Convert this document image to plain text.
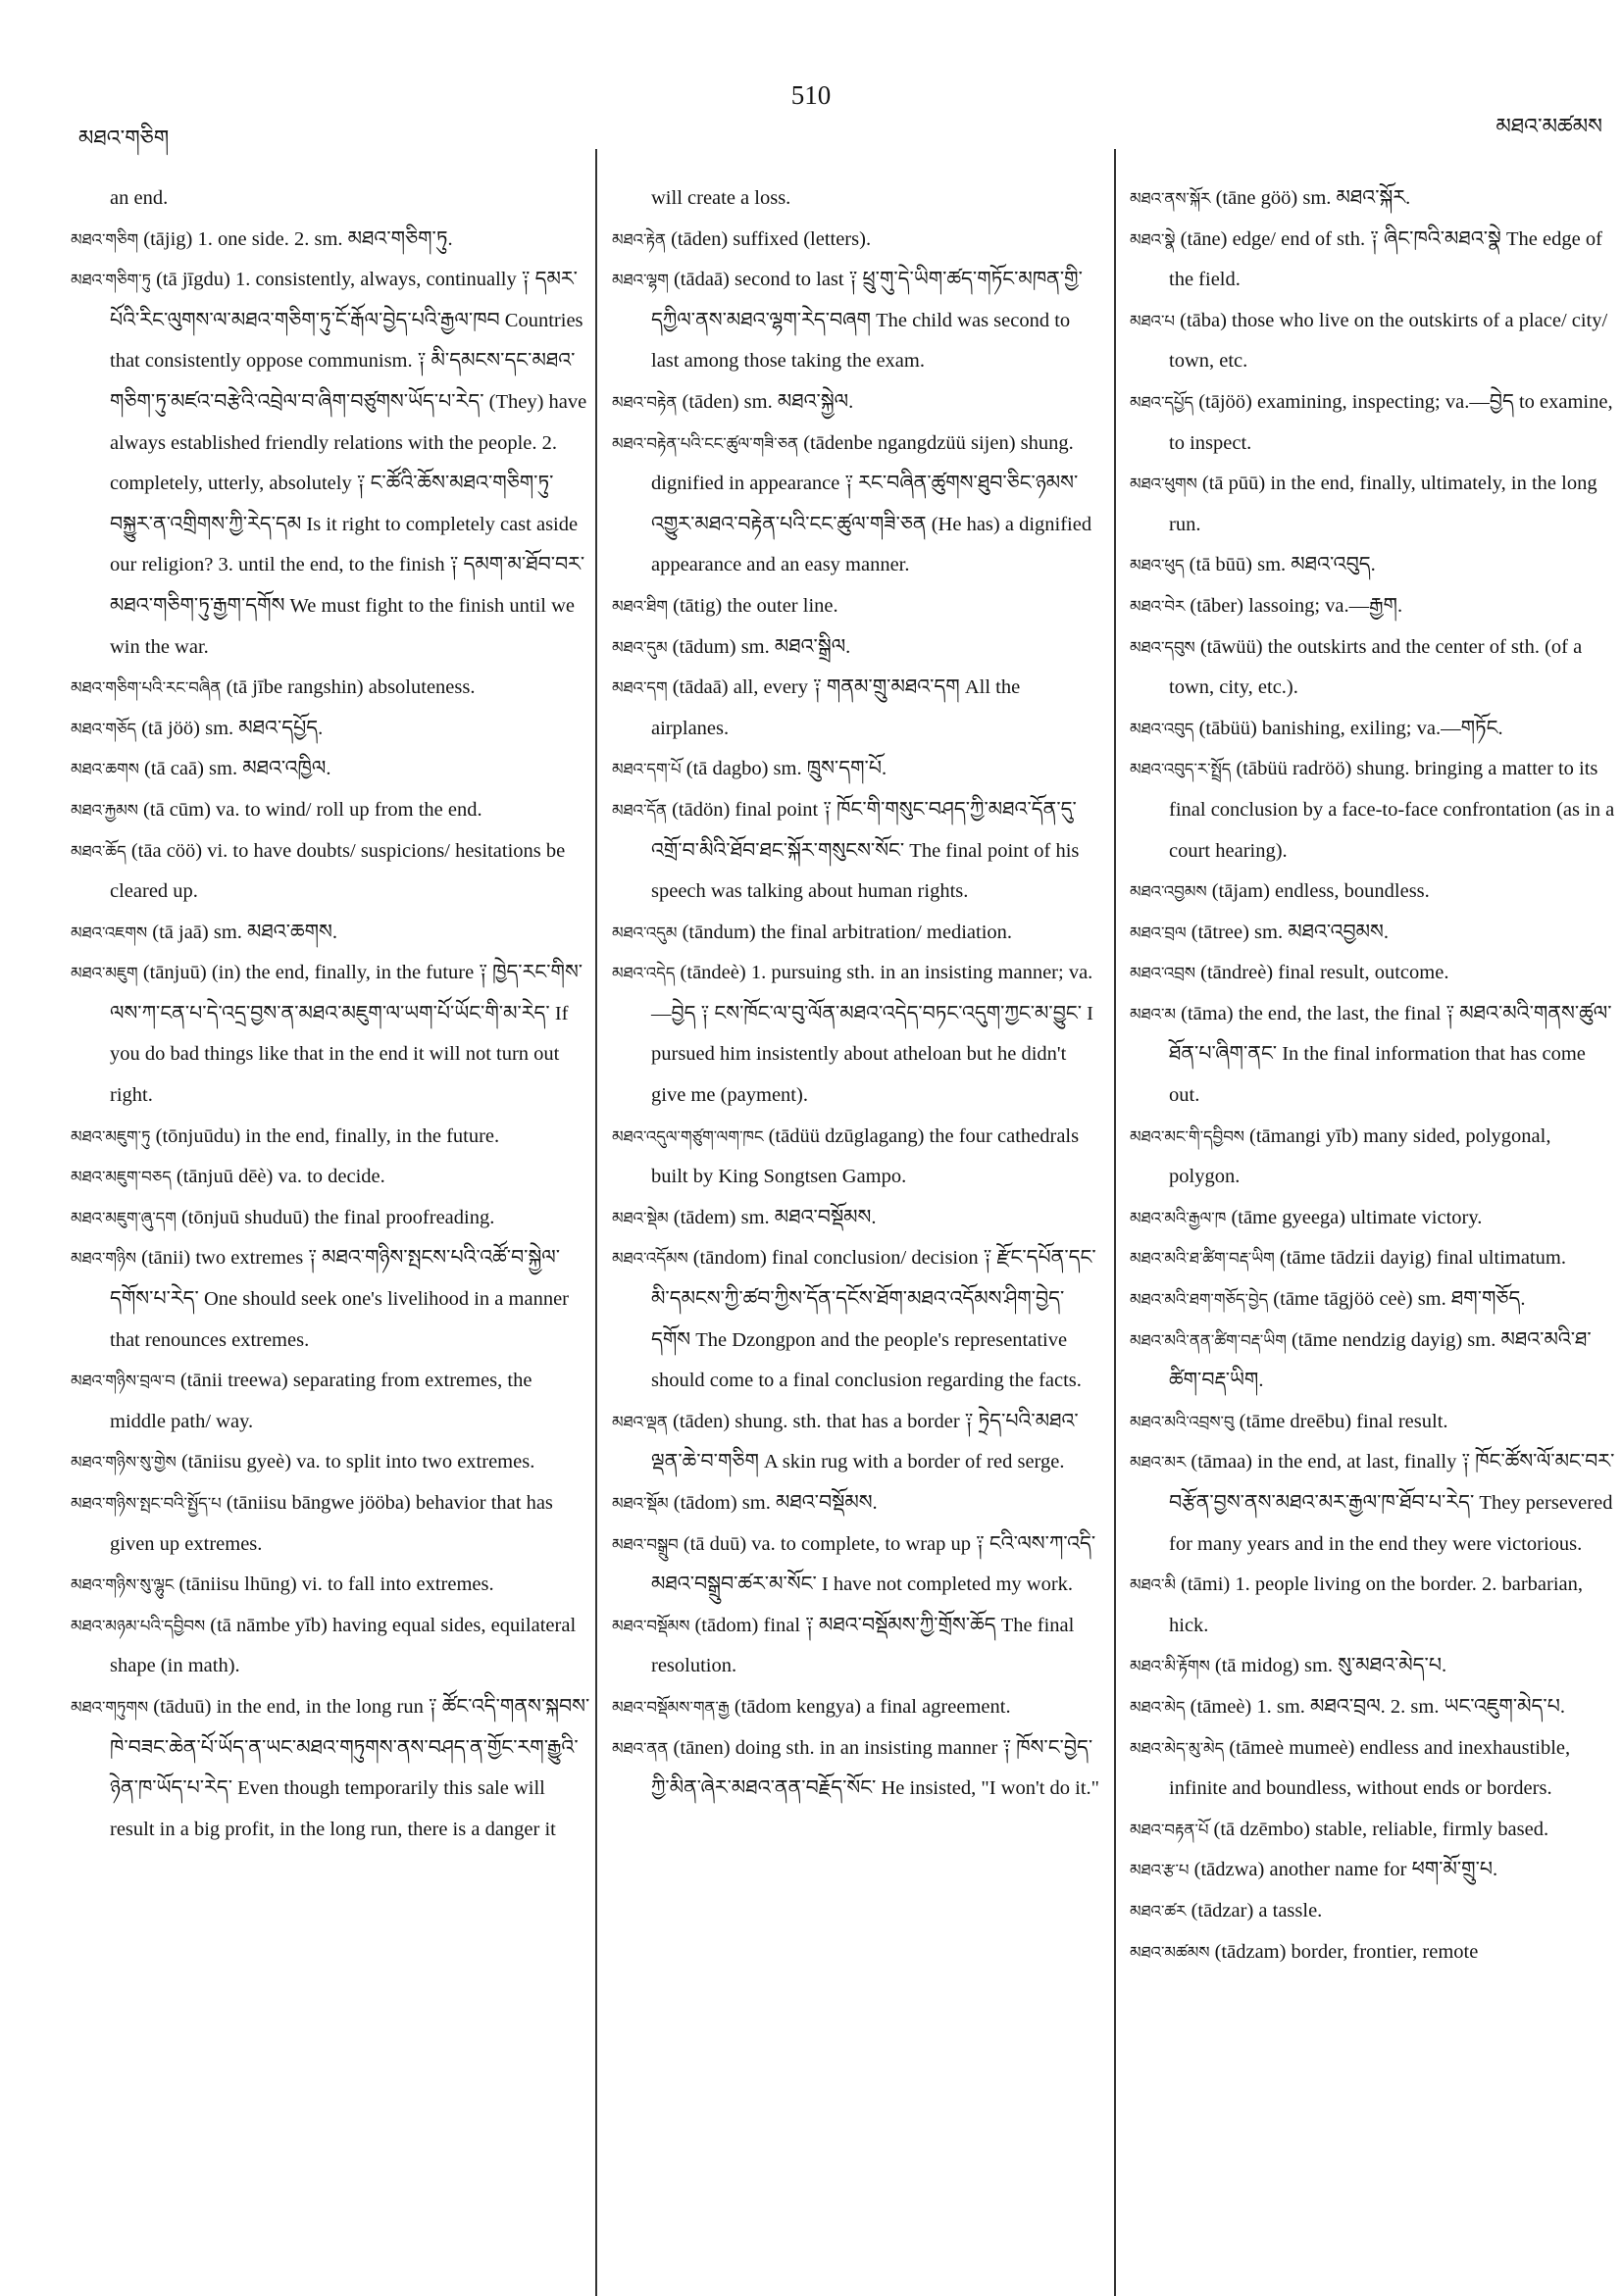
མཐའ་གཅིག
510
མཐའ་མཚམས
an end.
མཐའ་གཅིག (tājig) 1. one side. 2. sm. མཐའ་གཅིག་ཏུ.
མཐའ་གཅིག་ཏུ (tā jīgdu) 1. consistently, always, continually ༑ དམར་པོའི་རིང་ལུགས་ལ་མཐའ་གཅིག་ཏུ་ངོ་རྒོལ་བྱེད་པའི་རྒྱལ་ཁབ Countries that consistently oppose communism. ༑ མི་དམངས་དང་མཐའ་གཅིག་ཏུ་མཛའ་བརྩེའི་འབྲེལ་བ་ཞིག་བཙུགས་ཡོད་པ་རེད་ (They) have always established friendly relations with the people. 2. completely, utterly, absolutely ༑ ང་ཚོའི་ཆོས་མཐའ་གཅིག་ཏུ་བསྐྱུར་ན་འགྲིགས་ཀྱི་རེད་དམ Is it right to completely cast aside our religion? 3. until the end, to the finish ༑ དམག་མ་ཐོབ་བར་མཐའ་གཅིག་ཏུ་རྒྱག་དགོས We must fight to the finish until we win the war.
མཐའ་གཅིག་པའི་རང་བཞིན (tā jībe rangshin) absoluteness.
མཐའ་གཅོད (tā jöö) sm. མཐའ་དཔྱོད.
མཐའ་ཆགས (tā caā) sm. མཐའ་འཁྱིལ.
མཐའ་རྐྱམས (tā cūm) va. to wind/ roll up from the end.
མཐའ་ཆོད (tāa cöö) vi. to have doubts/ suspicions/ hesitations be cleared up.
མཐའ་འཇགས (tā jaā) sm. མཐའ་ཆགས.
མཐའ་མཇུག (tānjuū) (in) the end, finally, in the future ༑ ཁྱེད་རང་གིས་ལས་ཀ་ངན་པ་དེ་འདྲ་བྱས་ན་མཐའ་མཇུག་ལ་ཡག་པོ་ཡོང་གི་མ་རེད་ If you do bad things like that in the end it will not turn out right.
མཐའ་མཇུག་ཏུ (tōnjuūdu) in the end, finally, in the future.
མཐའ་མཇུག་བཅད (tānjuū dēè) va. to decide.
མཐའ་མཇུག་ཞུ་དག (tōnjuū shuduū) the final proofreading.
མཐའ་གཉིས (tānii) two extremes ༑ མཐའ་གཉིས་སྤངས་པའི་འཚོ་བ་སྐྱེལ་དགོས་པ་རེད་ One should seek one's livelihood in a manner that renounces extremes.
མཐའ་གཉིས་བྲལ་བ (tānii treewa) separating from extremes, the middle path/ way.
མཐའ་གཉིས་སུ་གྱེས (tāniisu gyeè) va. to split into two extremes.
མཐའ་གཉིས་སྤང་བའི་སྤྱོད་པ (tāniisu bāngwe jööba) behavior that has given up extremes.
མཐའ་གཉིས་སུ་ལྷུང (tāniisu lhūng) vi. to fall into extremes.
མཐའ་མཉམ་པའི་དབྱིབས (tā nāmbe yīb) having equal sides, equilateral shape (in math).
མཐའ་གཏུགས (tāduū) in the end, in the long run ༑ ཚོང་འདི་གནས་སྐབས་ཁེ་བཟང་ཆེན་པོ་ཡོད་ན་ཡང་མཐའ་གཏུགས་ནས་བཤད་ན་གྱོང་རག་རྒྱུའི་ཉེན་ཁ་ཡོད་པ་རེད་ Even though temporarily this sale will result in a big profit, in the long run, there is a danger it
will create a loss.
མཐའ་རྟེན (tāden) suffixed (letters).
མཐའ་ལྷག (tādaā) second to last ༑ ཕྲུ་གུ་དེ་ཡིག་ཚད་གཏོང་མཁན་གྱི་དཀྱིལ་ནས་མཐའ་ལྷག་རེད་བཞག The child was second to last among those taking the exam.
མཐའ་བརྟེན (tāden) sm. མཐའ་སྐྱེལ.
མཐའ་བརྟེན་པའི་ངང་ཚུལ་གཟི་ཅན (tādenbe ngangdzüü sijen) shung. dignified in appearance ༑ རང་བཞིན་ཚུགས་ཐུབ་ཅིང་ཉམས་འགྱུར་མཐའ་བརྟེན་པའི་ངང་ཚུལ་གཟི་ཅན (He has) a dignified appearance and an easy manner.
མཐའ་ཐིག (tātig) the outer line.
མཐའ་དུམ (tādum) sm. མཐའ་སྒྲིལ.
མཐའ་དག (tādaā) all, every ༑ གནམ་གྲུ་མཐའ་དག All the airplanes.
མཐའ་དག་པོ (tā dagbo) sm. ཁྲུས་དག་པོ.
མཐའ་དོན (tādön) final point ༑ ཁོང་གི་གསུང་བཤད་ཀྱི་མཐའ་དོན་དུ་འགྲོ་བ་མིའི་ཐོབ་ཐང་སྐོར་གསུངས་སོང་ The final point of his speech was talking about human rights.
མཐའ་འདུམ (tāndum) the final arbitration/ mediation.
མཐའ་འདེད (tāndeè) 1. pursuing sth. in an insisting manner; va.—བྱེད ༑ ངས་ཁོང་ལ་བུ་ལོན་མཐའ་འདེད་བཏང་འདུག་ཀྱང་མ་བྱུང་ I pursued him insistently about atheloan but he didn't give me (payment).
མཐའ་འདུལ་གཙུག་ལག་ཁང (tādüü dzūglagang) the four cathedrals built by King Songtsen Gampo.
མཐའ་སྡེམ (tādem) sm. མཐའ་བསྡོམས.
མཐའ་འདོམས (tāndom) final conclusion/ decision ༑ རྫོང་དཔོན་དང་མི་དམངས་ཀྱི་ཚབ་ཀྱིས་དོན་དངོས་ཐོག་མཐའ་འདོམས་ཤིག་བྱེད་དགོས The Dzongpon and the people's representative should come to a final conclusion regarding the facts.
མཐའ་ལྡན (tāden) shung. sth. that has a border ༑ ཏྲེད་པའི་མཐའ་ལྡན་ཆེ་བ་གཅིག A skin rug with a border of red serge.
མཐའ་སྡོམ (tādom) sm. མཐའ་བསྡོམས.
མཐའ་བསྒྲུབ (tā duū) va. to complete, to wrap up ༑ ངའི་ལས་ཀ་འདི་མཐའ་བསྒྲུབ་ཚར་མ་སོང་ I have not completed my work.
མཐའ་བསྡོམས (tādom) final ༑ མཐའ་བསྡོམས་ཀྱི་གྲོས་ཆོད The final resolution.
མཐའ་བསྡོམས་གན་རྒྱ (tādom kengya) a final agreement.
མཐའ་ནན (tānen) doing sth. in an insisting manner ༑ ཁོས་ང་བྱེད་ཀྱི་མིན་ཞེར་མཐའ་ནན་བརྗོད་སོང་ He insisted, "I won't do it."
མཐའ་ནས་སྐོར (tāne göö) sm. མཐའ་སྐོར.
མཐའ་སྣེ (tāne) edge/ end of sth. ༑ ཞིང་ཁའི་མཐའ་སྣེ The edge of the field.
མཐའ་པ (tāba) those who live on the outskirts of a place/ city/ town, etc.
མཐའ་དཔྱོད (tājöö) examining, inspecting; va.—བྱེད to examine, to inspect.
མཐའ་ཕུགས (tā pūū) in the end, finally, ultimately, in the long run.
མཐའ་ཕུད (tā būū) sm. མཐའ་འབུད.
མཐའ་བེར (tāber) lassoing; va.—རྒྱག.
མཐའ་དབུས (tāwüü) the outskirts and the center of sth. (of a town, city, etc.).
མཐའ་འབུད (tābüü) banishing, exiling; va.—གཏོང.
མཐའ་འབུད་ར་སྤྲོད (tābüü radröö) shung. bringing a matter to its final conclusion by a face-to-face confrontation (as in a court hearing).
མཐའ་འབྱམས (tājam) endless, boundless.
མཐའ་བྲལ (tātree) sm. མཐའ་འབྱམས.
མཐའ་འབྲས (tāndreè) final result, outcome.
མཐའ་མ (tāma) the end, the last, the final ༑ མཐའ་མའི་གནས་ཚུལ་ཐོན་པ་ཞིག་ནང་ In the final information that has come out.
མཐའ་མང་གི་དབྱིབས (tāmangi yīb) many sided, polygonal, polygon.
མཐའ་མའི་རྒྱལ་ཁ (tāme gyeega) ultimate victory.
མཐའ་མའི་ཐ་ཚིག་བརྡ་ཡིག (tāme tādzii dayig) final ultimatum.
མཐའ་མའི་ཐག་གཅོད་བྱེད (tāme tāgjöö ceè) sm. ཐག་གཅོད.
མཐའ་མའི་ནན་ཚིག་བརྡ་ཡིག (tāme nendzig dayig) sm. མཐའ་མའི་ཐ་ཚིག་བརྡ་ཡིག.
མཐའ་མའི་འབྲས་བུ (tāme dreēbu) final result.
མཐའ་མར (tāmaa) in the end, at last, finally ༑ ཁོང་ཚོས་ལོ་མང་བར་བརྩོན་བྱས་ནས་མཐའ་མར་རྒྱལ་ཁ་ཐོབ་པ་རེད་ They persevered for many years and in the end they were victorious.
མཐའ་མི (tāmi) 1. people living on the border. 2. barbarian, hick.
མཐའ་མི་རྟོགས (tā midog) sm. སུ་མཐའ་མེད་པ.
མཐའ་མེད (tāmeè) 1. sm. མཐའ་བྲལ. 2. sm. ཡང་འཇུག་མེད་པ.
མཐའ་མེད་མུ་མེད (tāmeè mumeè) endless and inexhaustible, infinite and boundless, without ends or borders.
མཐའ་བརྟན་པོ (tā dzēmbo) stable, reliable, firmly based.
མཐའ་རྩ་པ (tādzwa) another name for ཕག་མོ་གྲུ་པ.
མཐའ་ཚར (tādzar) a tassle.
མཐའ་མཚམས (tādzam) border, frontier, remote
